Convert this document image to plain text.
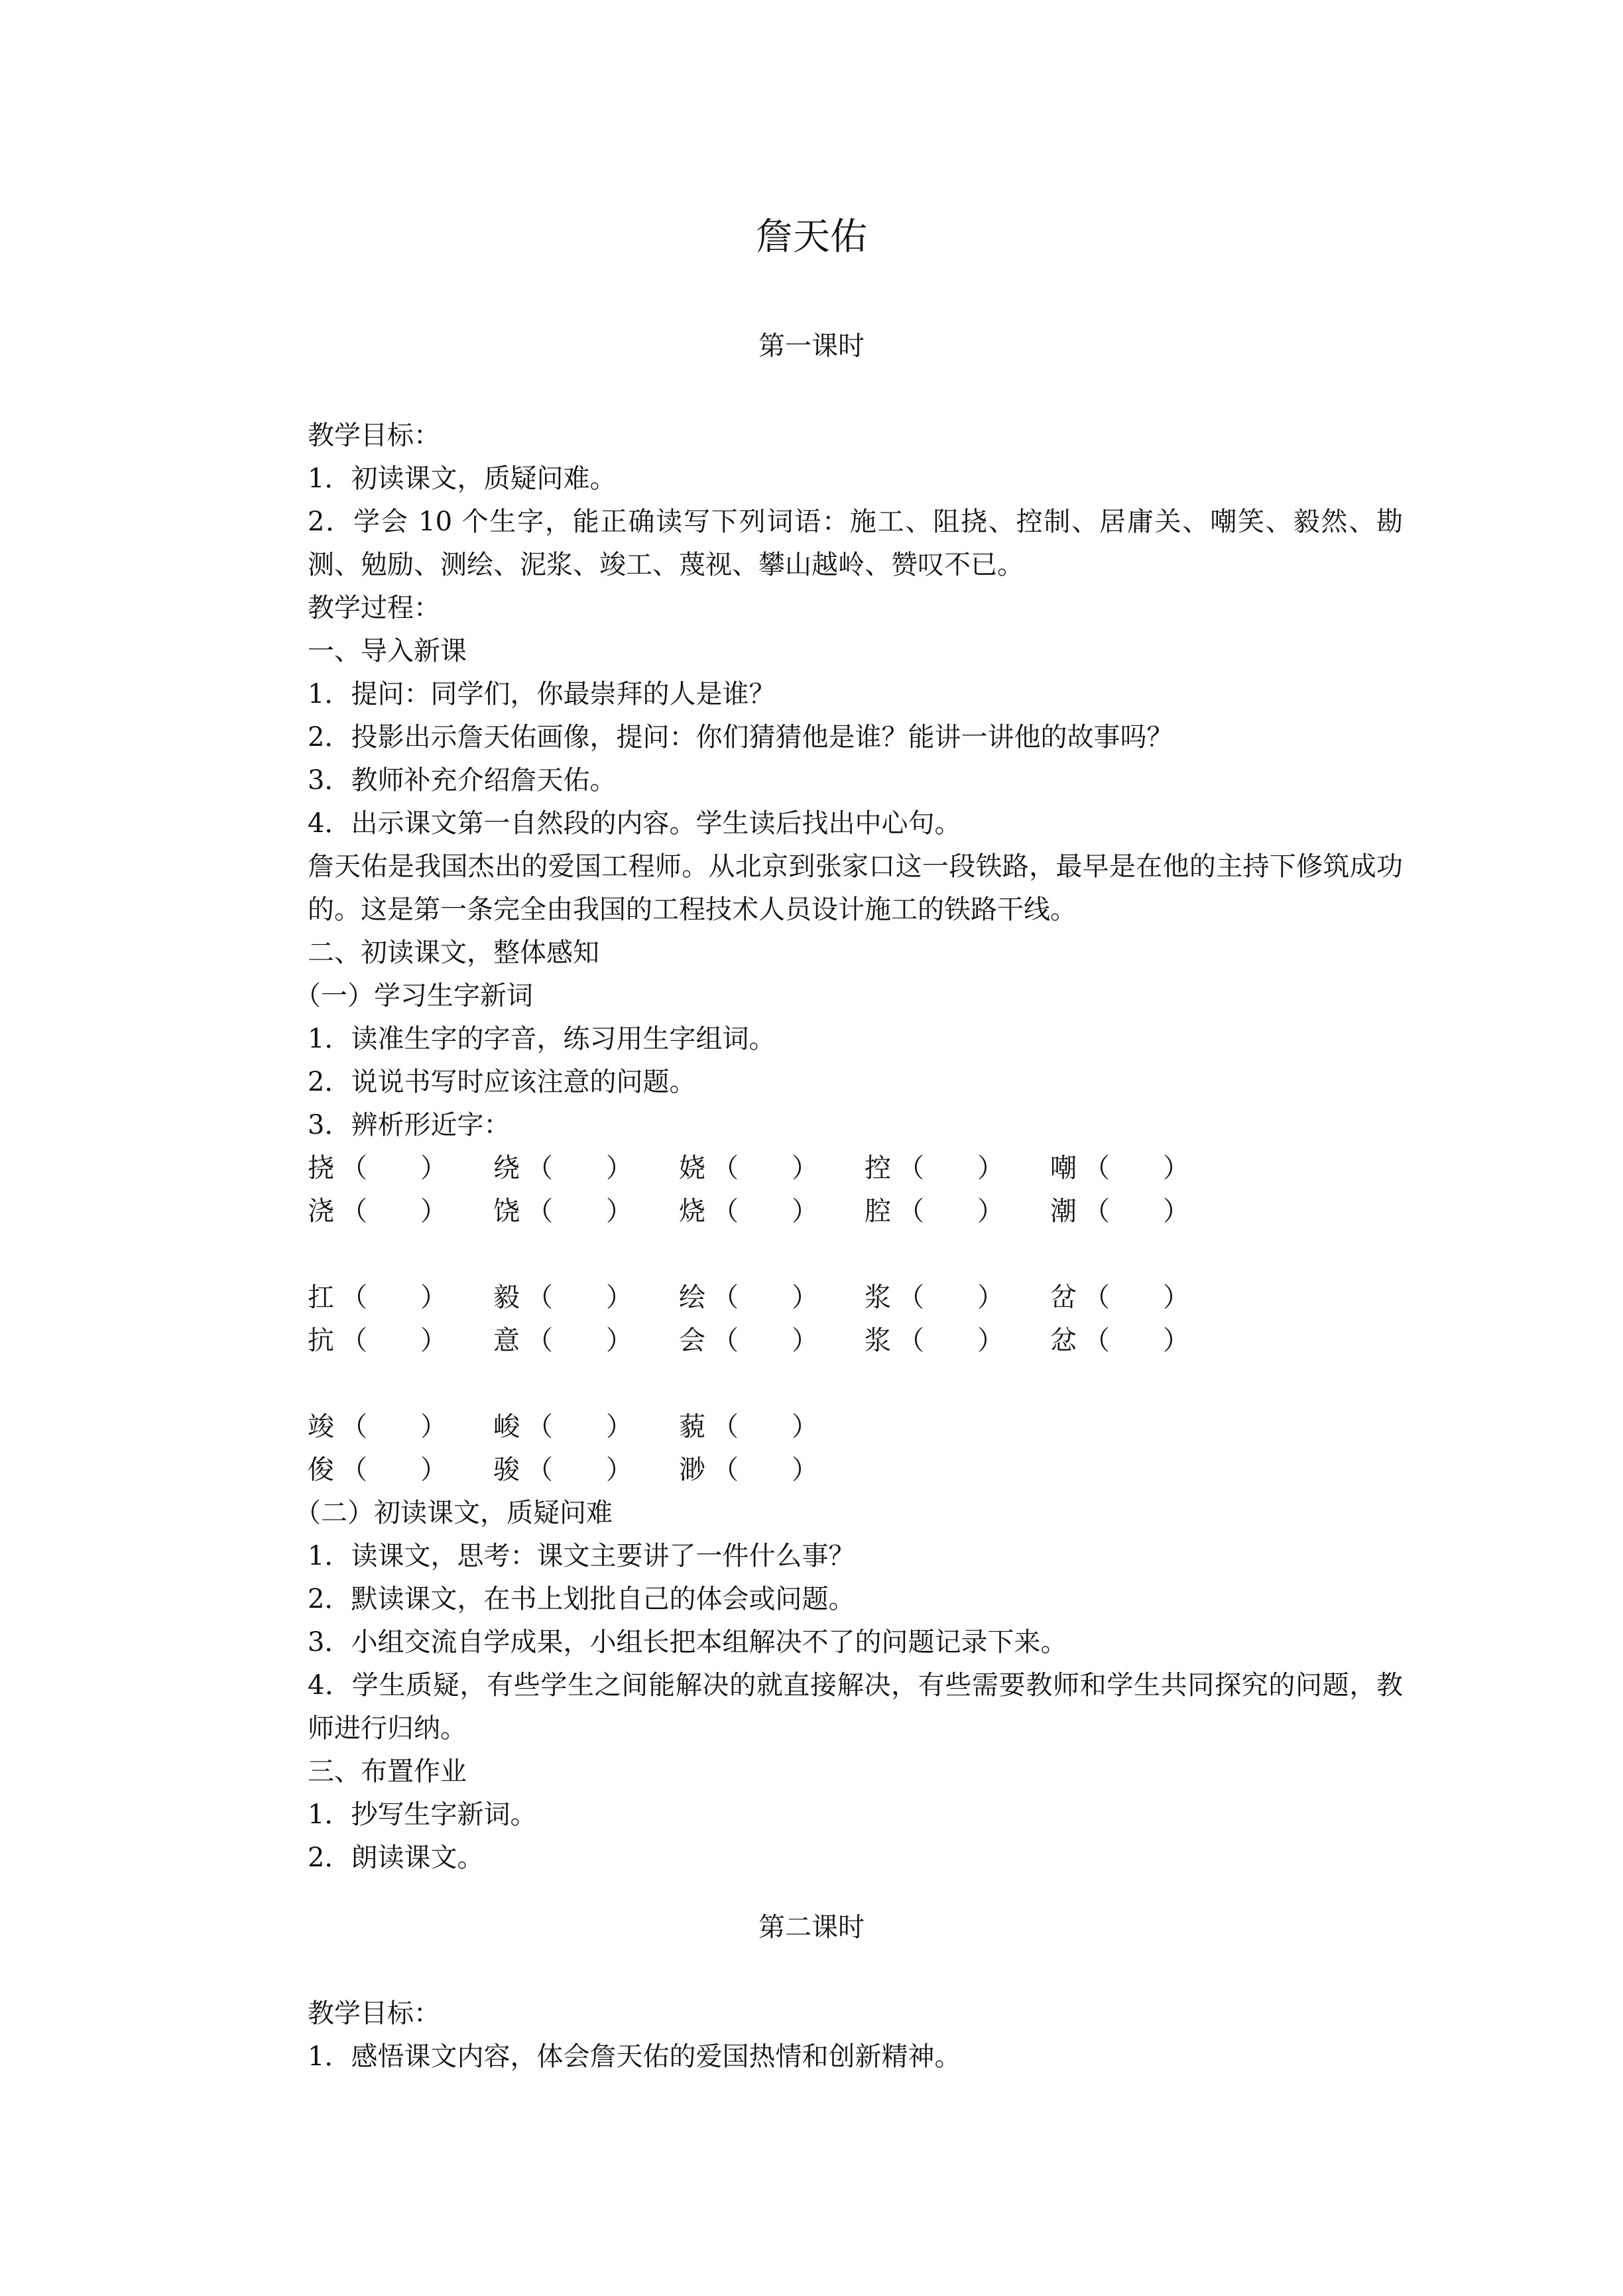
詹天佑
第一课时

教学目标：

1．初读课文，质疑问难。

2．学会 10 个生字，能正确读写下列词语：施工、阻挠、控制、居庸关、嘲笑、毅然、勘测、勉励、测绘、泥浆、竣工、蔑视、攀山越岭、赞叹不已。

教学过程：

一、导入新课

1．提问：同学们，你最崇拜的人是谁？

2．投影出示詹天佑画像，提问：你们猜猜他是谁？能讲一讲他的故事吗？

3．教师补充介绍詹天佑。

4．出示课文第一自然段的内容。学生读后找出中心句。

詹天佑是我国杰出的爱国工程师。从北京到张家口这一段铁路，最早是在他的主持下修筑成功的。这是第一条完全由我国的工程技术人员设计施工的铁路干线。

二、初读课文，整体感知

（一）学习生字新词

1．读准生字的字音，练习用生字组词。

2．说说书写时应该注意的问题。

3．辨析形近字：

挠 （　　） 绕 （　　） 娆 （　　） 控 （　　） 嘲 （　　）
浇 （　　） 饶 （　　） 烧 （　　） 腔 （　　） 潮 （　　）
扛 （　　） 毅 （　　） 绘 （　　） 浆 （　　） 岔 （　　）
抗 （　　） 意 （　　） 会 （　　） 浆 （　　） 忿 （　　）
竣 （　　） 峻 （　　） 藐 （　　）
俊 （　　） 骏 （　　） 渺 （　　）

（二）初读课文，质疑问难

1．读课文，思考：课文主要讲了一件什么事？

2．默读课文，在书上划批自己的体会或问题。

3．小组交流自学成果，小组长把本组解决不了的问题记录下来。

4．学生质疑，有些学生之间能解决的就直接解决，有些需要教师和学生共同探究的问题，教师进行归纳。

三、布置作业

1．抄写生字新词。

2．朗读课文。

第二课时

教学目标：

1．感悟课文内容，体会詹天佑的爱国热情和创新精神。
